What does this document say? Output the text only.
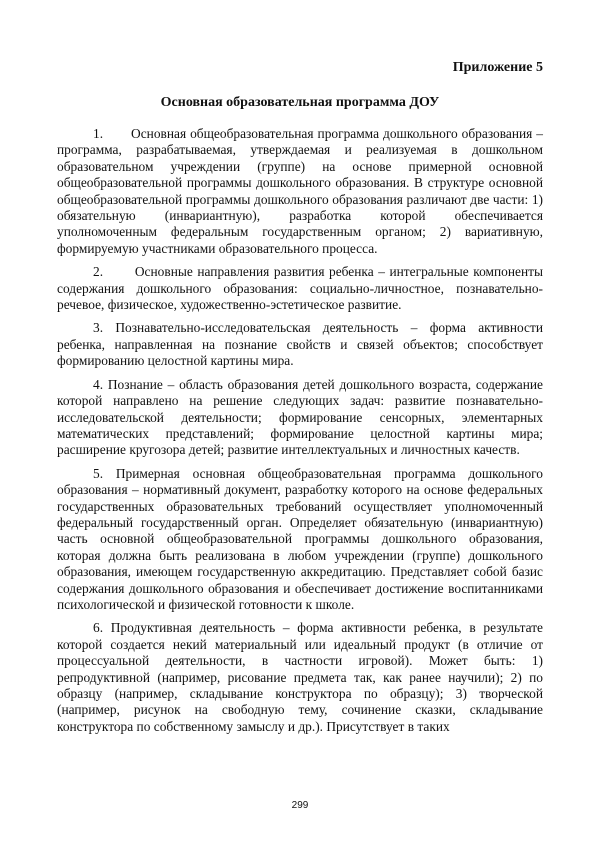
Приложение 5
Основная образовательная программа ДОУ

1. Основная общеобразовательная программа дошкольного образования – программа, разрабатываемая, утверждаемая и реализуемая в дошкольном образовательном учреждении (группе) на основе примерной основной общеобразовательной программы дошкольного образования. В структуре основной общеобразовательной программы дошкольного образования различают две части: 1) обязательную (инвариантную), разработка которой обеспечивается уполномоченным федеральным государственным органом; 2) вариативную, формируемую участниками образовательного процесса.

2. Основные направления развития ребенка – интегральные компоненты содержания дошкольного образования: социально-личностное, познавательно-речевое, физическое, художественно-эстетическое развитие.

3. Познавательно-исследовательская деятельность – форма активности ребенка, направленная на познание свойств и связей объектов; способствует формированию целостной картины мира.

4. Познание – область образования детей дошкольного возраста, содержание которой направлено на решение следующих задач: развитие познавательно-исследовательской деятельности; формирование сенсорных, элементарных математических представлений; формирование целостной картины мира; расширение кругозора детей; развитие интеллектуальных и личностных качеств.

5. Примерная основная общеобразовательная программа дошкольного образования – нормативный документ, разработку которого на основе федеральных государственных образовательных требований осуществляет уполномоченный федеральный государственный орган. Определяет обязательную (инвариантную) часть основной общеобразовательной программы дошкольного образования, которая должна быть реализована в любом учреждении (группе) дошкольного образования, имеющем государственную аккредитацию. Представляет собой базис содержания дошкольного образования и обеспечивает достижение воспитанниками психологической и физической готовности к школе.

6. Продуктивная деятельность – форма активности ребенка, в результате которой создается некий материальный или идеальный продукт (в отличие от процессуальной деятельности, в частности игровой). Может быть: 1) репродуктивной (например, рисование предмета так, как ранее научили); 2) по образцу (например, складывание конструктора по образцу); 3) творческой (например, рисунок на свободную тему, сочинение сказки, складывание конструктора по собственному замыслу и др.). Присутствует в таких

299
